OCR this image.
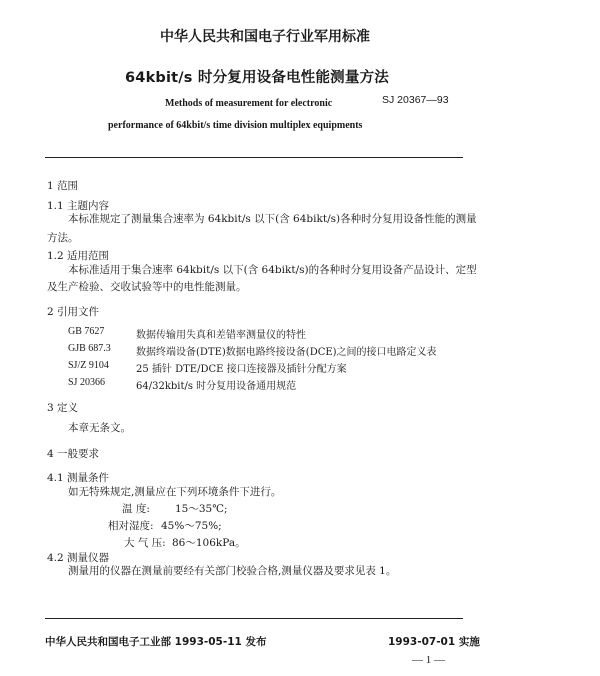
中华人民共和国电子行业军用标准
64kbit/s 时分复用设备电性能测量方法
Methods of measurement for electronic	SJ 20367—93
performance of 64kbit/s time division multiplex equipments
1 范围
1.1 主题内容
本标准规定了测量集合速率为 64kbit/s 以下(含 64bikt/s)各种时分复用设备性能的测量
方法。
1.2 适用范围
本标准适用于集合速率 64kbit/s 以下(含 64bikt/s)的各种时分复用设备产品设计、定型
及生产检验、交收试验等中的电性能测量。
2 引用文件
GB 7627	数据传输用失真和差错率测量仪的特性
GJB 687.3	数据终端设备(DTE)数据电路终接设备(DCE)之间的接口电路定义表
SJ/Z 9104	25 插针 DTE/DCE 接口连接器及插针分配方案
SJ 20366	64/32kbit/s 时分复用设备通用规范
3 定义
本章无条文。
4 一般要求
4.1 测量条件
如无特殊规定,测量应在下列环境条件下进行。
温 度: 15～35℃;
相对湿度: 45%～75%;
大 气 压: 86～106kPa。
4.2 测量仪器
测量用的仪器在测量前要经有关部门校验合格,测量仪器及要求见表 1。
中华人民共和国电子工业部 1993-05-11 发布	1993-07-01 实施
— 1 —
